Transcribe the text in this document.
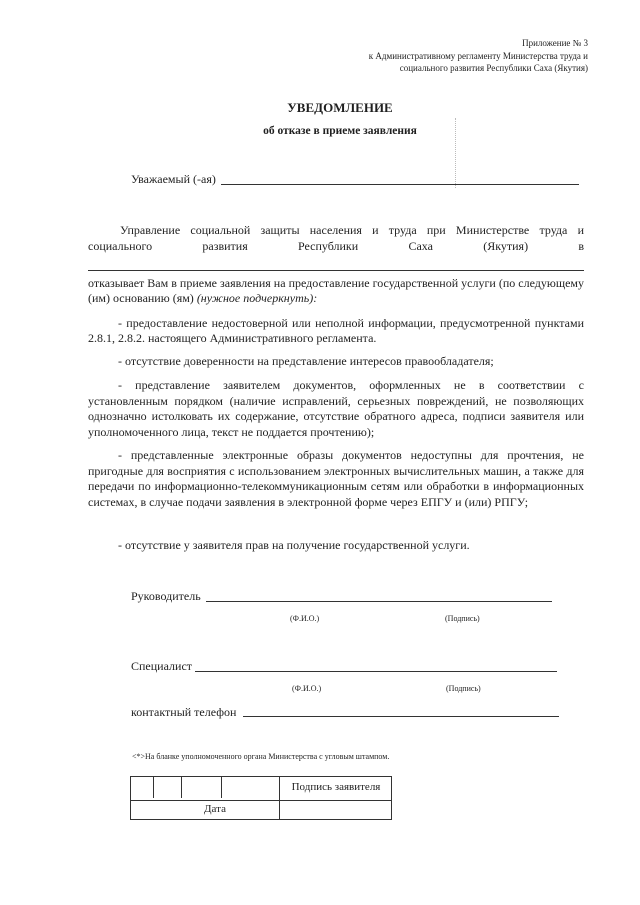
Приложение № 3
к Административному регламенту Министерства труда и
социального развития Республики Саха (Якутия)
УВЕДОМЛЕНИЕ
об отказе в приеме заявления
Уважаемый (-ая)
Управление социальной защиты населения и труда при Министерстве труда и
социального развития Республики Саха (Якутия) в
отказывает Вам в приеме заявления на предоставление государственной услуги (по следующему (им) основанию (ям) (нужное подчеркнуть):
- предоставление недостоверной или неполной информации, предусмотренной пунктами 2.8.1, 2.8.2. настоящего Административного регламента.
- отсутствие доверенности на представление интересов правообладателя;
- представление заявителем документов, оформленных не в соответствии с установленным порядком (наличие исправлений, серьезных повреждений, не позволяющих однозначно истолковать их содержание, отсутствие обратного адреса, подписи заявителя или уполномоченного лица, текст не поддается прочтению);
- представленные электронные образы документов недоступны для прочтения, не пригодные для восприятия с использованием электронных вычислительных машин, а также для передачи по информационно-телекоммуникационным сетям или обработки в информационных системах, в случае подачи заявления в электронной форме через ЕПГУ и (или) РПГУ;
- отсутствие у заявителя прав на получение государственной услуги.
Руководитель
(Ф.И.О.)	(Подпись)
Специалист
(Ф.И.О.)	(Подпись)
контактный телефон
<*>На бланке уполномоченного органа Министерства с угловым штампом.
Дата
Подпись заявителя
